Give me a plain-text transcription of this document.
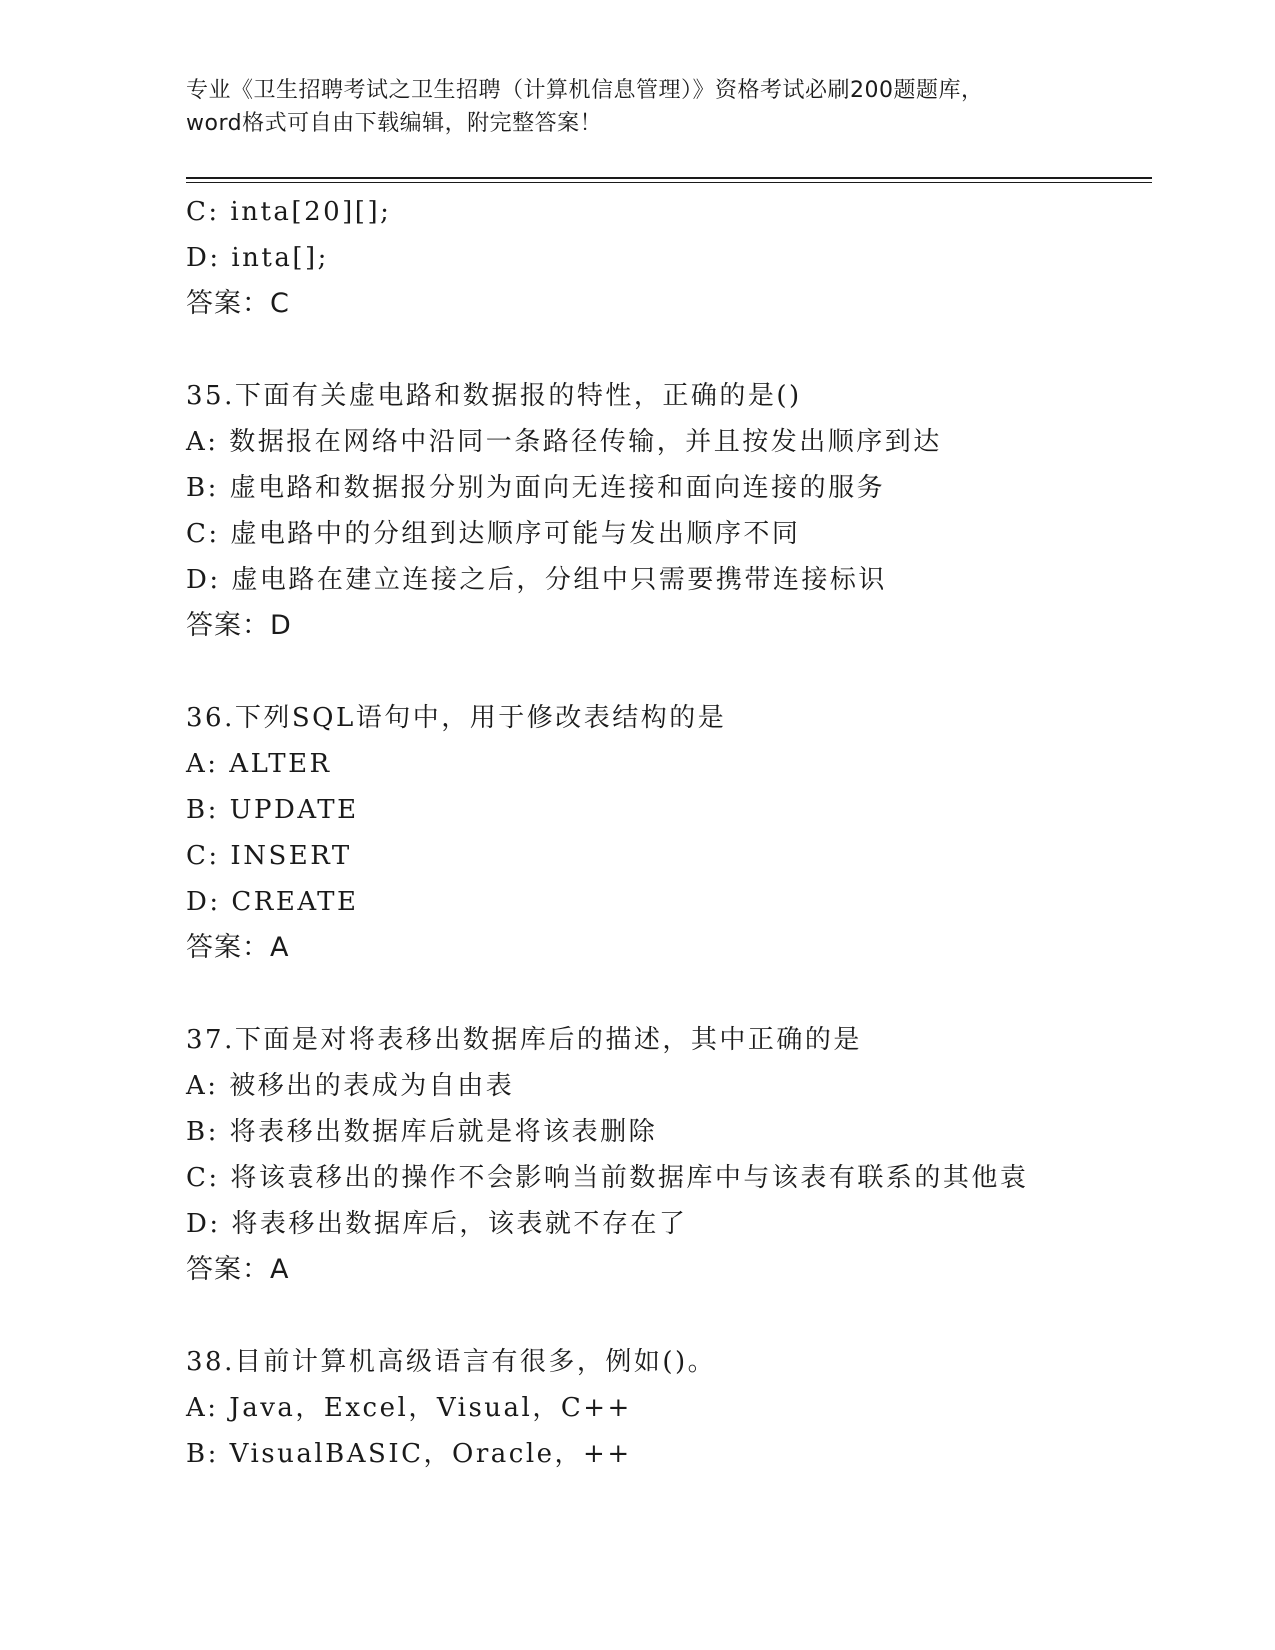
专业《卫生招聘考试之卫生招聘（计算机信息管理）》资格考试必刷200题题库，
word格式可自由下载编辑，附完整答案！
C: inta[20][];
D: inta[];
答案：C
35.下面有关虚电路和数据报的特性，正确的是()
A: 数据报在网络中沿同一条路径传输，并且按发出顺序到达
B: 虚电路和数据报分别为面向无连接和面向连接的服务
C: 虚电路中的分组到达顺序可能与发出顺序不同
D: 虚电路在建立连接之后，分组中只需要携带连接标识
答案：D
36.下列SQL语句中，用于修改表结构的是
A: ALTER
B: UPDATE
C: INSERT
D: CREATE
答案：A
37.下面是对将表移出数据库后的描述，其中正确的是
A: 被移出的表成为自由表
B: 将表移出数据库后就是将该表删除
C: 将该袁移出的操作不会影响当前数据库中与该表有联系的其他袁
D: 将表移出数据库后，该表就不存在了
答案：A
38.目前计算机高级语言有很多，例如()。
A: Java，Excel，Visual，C++
B: VisualBASIC，Oracle，++
